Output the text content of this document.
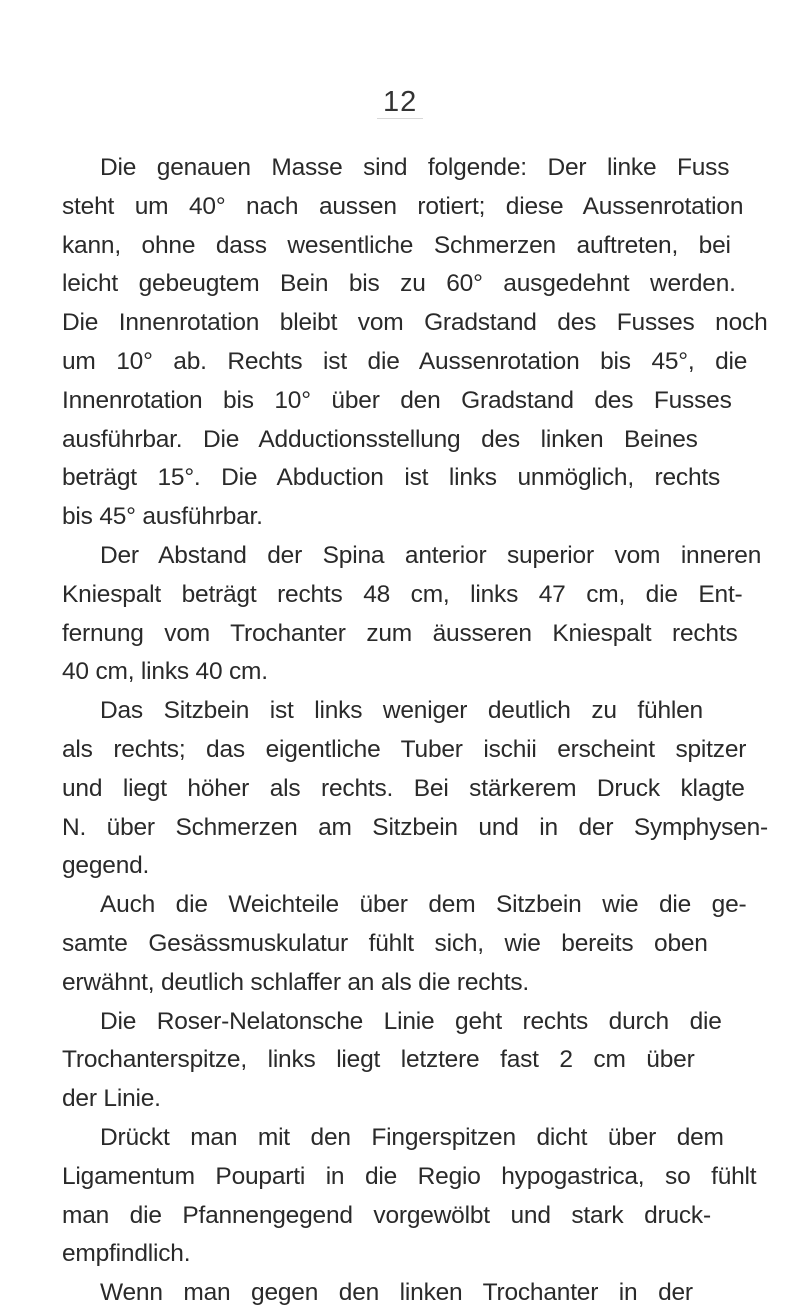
12
Die genauen Masse sind folgende: Der linke Fuss
steht um 40° nach aussen rotiert; diese Aussenrotation
kann, ohne dass wesentliche Schmerzen auftreten, bei
leicht gebeugtem Bein bis zu 60° ausgedehnt werden.
Die Innenrotation bleibt vom Gradstand des Fusses noch
um 10° ab. Rechts ist die Aussenrotation bis 45°, die
Innenrotation bis 10° über den Gradstand des Fusses
ausführbar. Die Adductionsstellung des linken Beines
beträgt 15°. Die Abduction ist links unmöglich, rechts
bis 45° ausführbar.
Der Abstand der Spina anterior superior vom inneren
Kniespalt beträgt rechts 48 cm, links 47 cm, die Ent-
fernung vom Trochanter zum äusseren Kniespalt rechts
40 cm, links 40 cm.
Das Sitzbein ist links weniger deutlich zu fühlen
als rechts; das eigentliche Tuber ischii erscheint spitzer
und liegt höher als rechts. Bei stärkerem Druck klagte
N. über Schmerzen am Sitzbein und in der Symphysen-
gegend.
Auch die Weichteile über dem Sitzbein wie die ge-
samte Gesässmuskulatur fühlt sich, wie bereits oben
erwähnt, deutlich schlaffer an als die rechts.
Die Roser-Nelatonsche Linie geht rechts durch die
Trochanterspitze, links liegt letztere fast 2 cm über
der Linie.
Drückt man mit den Fingerspitzen dicht über dem
Ligamentum Pouparti in die Regio hypogastrica, so fühlt
man die Pfannengegend vorgewölbt und stark druck-
empfindlich.
Wenn man gegen den linken Trochanter in der
